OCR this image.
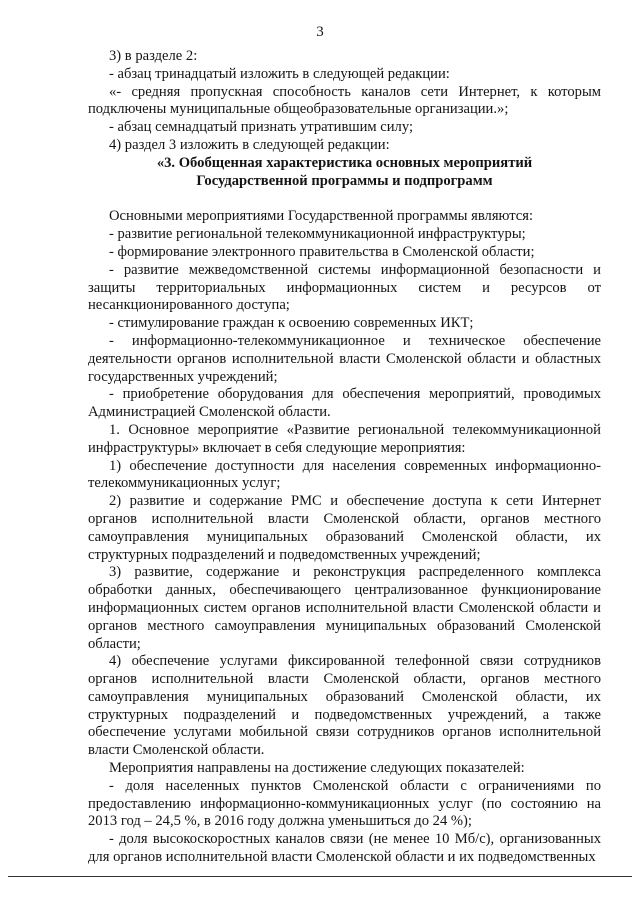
3

3) в разделе 2:

- абзац тринадцатый изложить в следующей редакции:

«- средняя пропускная способность каналов сети Интернет, к которым подключены муниципальные общеобразовательные организации.»;

- абзац семнадцатый признать утратившим силу;

4) раздел 3 изложить в следующей редакции:

«3. Обобщенная характеристика основных мероприятий

Государственной программы и подпрограмм

Основными мероприятиями Государственной программы являются:

- развитие региональной телекоммуникационной инфраструктуры;

- формирование электронного правительства в Смоленской области;

- развитие межведомственной системы информационной безопасности и защиты территориальных информационных систем и ресурсов от несанкционированного доступа;

- стимулирование граждан к освоению современных ИКТ;

- информационно-телекоммуникационное и техническое обеспечение деятельности органов исполнительной власти Смоленской области и областных государственных учреждений;

- приобретение оборудования для обеспечения мероприятий, проводимых Администрацией Смоленской области.

1. Основное мероприятие «Развитие региональной телекоммуникационной инфраструктуры» включает в себя следующие мероприятия:

1) обеспечение доступности для населения современных информационно-телекоммуникационных услуг;

2) развитие и содержание РМС и обеспечение доступа к сети Интернет органов исполнительной власти Смоленской области, органов местного самоуправления муниципальных образований Смоленской области, их структурных подразделений и подведомственных учреждений;

3) развитие, содержание и реконструкция распределенного комплекса обработки данных, обеспечивающего централизованное функционирование информационных систем органов исполнительной власти Смоленской области и органов местного самоуправления муниципальных образований Смоленской области;

4) обеспечение услугами фиксированной телефонной связи сотрудников органов исполнительной власти Смоленской области, органов местного самоуправления муниципальных образований Смоленской области, их структурных подразделений и подведомственных учреждений, а также обеспечение услугами мобильной связи сотрудников органов исполнительной власти Смоленской области.

Мероприятия направлены на достижение следующих показателей:

- доля населенных пунктов Смоленской области с ограничениями по предоставлению информационно-коммуникационных услуг (по состоянию на 2013 год – 24,5 %, в 2016 году должна уменьшиться до 24 %);

- доля высокоскоростных каналов связи (не менее 10 Мб/с), организованных для органов исполнительной власти Смоленской области и их подведомственных
